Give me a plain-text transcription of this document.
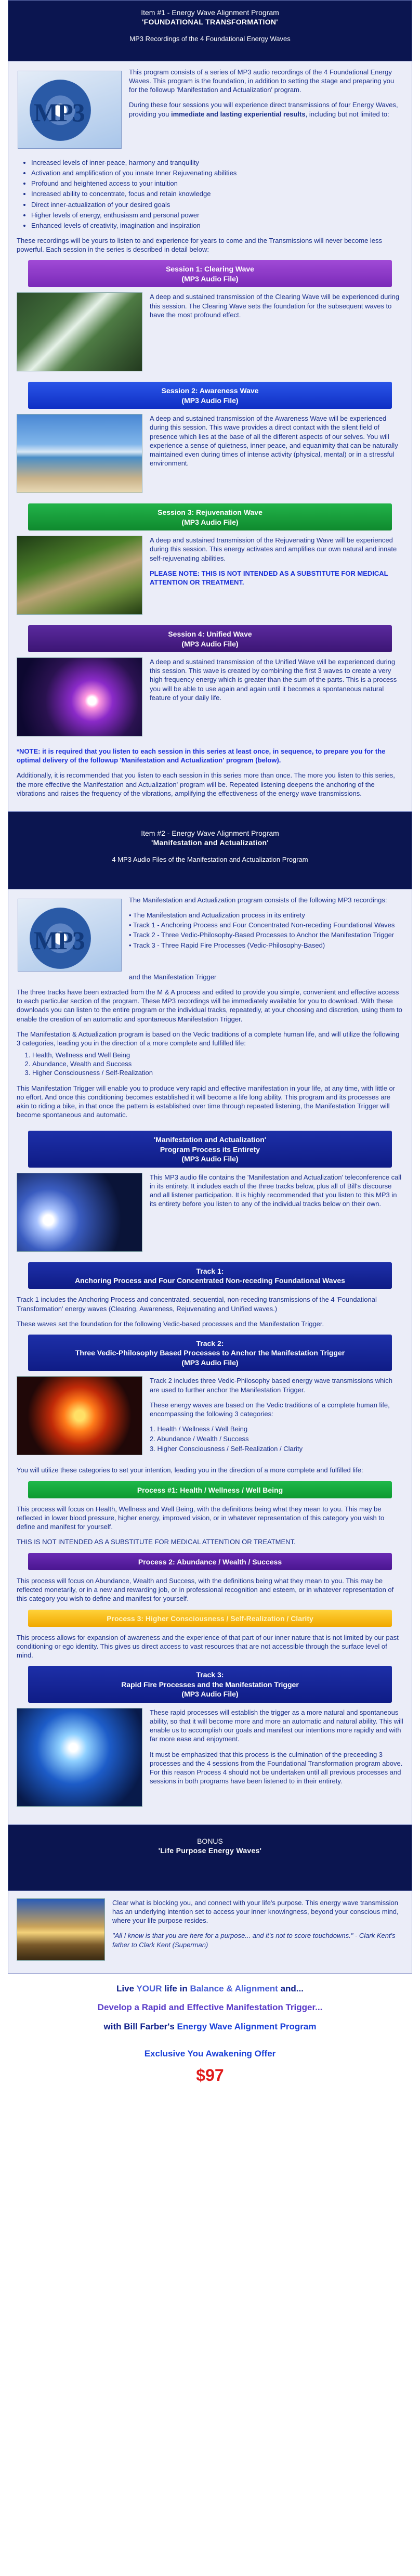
Item #1 - Energy Wave Alignment Program
'FOUNDATIONAL TRANSFORMATION'
MP3 Recordings of the 4 Foundational Energy Waves
MP3

This program consists of a series of MP3 audio recordings of the 4 Foundational Energy Waves. This program is the foundation, in addition to setting the stage and preparing you for the followup 'Manifestation and Actualization' program.

During these four sessions you will experience direct transmissions of four Energy Waves, providing you immediate and lasting experiential results, including but not limited to:

• Increased levels of inner-peace, harmony and tranquility
• Activation and amplification of you innate Inner Rejuvenating abilities
• Profound and heightened access to your intuition
• Increased ability to concentrate, focus and retain knowledge
• Direct inner-actualization of your desired goals
• Higher levels of energy, enthusiasm and personal power
• Enhanced levels of creativity, imagination and inspiration

These recordings will be yours to listen to and experience for years to come and the Transmissions will never become less powerful. Each session in the series is described in detail below:

Session 1: Clearing Wave
(MP3 Audio File)

A deep and sustained transmission of the Clearing Wave will be experienced during this session. The Clearing Wave sets the foundation for the subsequent waves to have the most profound effect.

Session 2: Awareness Wave
(MP3 Audio File)

A deep and sustained transmission of the Awareness Wave will be experienced during this session. This wave provides a direct contact with the silent field of presence which lies at the base of all the different aspects of our selves. You will experience a sense of quietness, inner peace, and equanimity that can be naturally maintained even during times of intense activity (physical, mental) or in a stressful environment.

Session 3: Rejuvenation Wave
(MP3 Audio File)

A deep and sustained transmission of the Rejuvenating Wave will be experienced during this session. This energy activates and amplifies our own natural and innate self-rejuvenating abilities.

PLEASE NOTE: THIS IS NOT INTENDED AS A SUBSTITUTE FOR MEDICAL ATTENTION OR TREATMENT.

Session 4: Unified Wave
(MP3 Audio File)

A deep and sustained transmission of the Unified Wave will be experienced during this session. This wave is created by combining the first 3 waves to create a very high frequency energy which is greater than the sum of the parts. This is a process you will be able to use again and again until it becomes a spontaneous natural feature of your daily life.

*NOTE: it is required that you listen to each session in this series at least once, in sequence, to prepare you for the optimal delivery of the followup 'Manifestation and Actualization' program (below).

Additionally, it is recommended that you listen to each session in this series more than once. The more you listen to this series, the more effective the Manifestation and Actualization' program will be. Repeated listening deepens the anchoring of the vibrations and raises the frequency of the vibrations, amplifying the effectiveness of the energy wave transmissions.

Item #2 - Energy Wave Alignment Program
'Manifestation and Actualization'
4 MP3 Audio Files of the Manifestation and Actualization Program
MP3

The Manifestation and Actualization program consists of the following MP3 recordings:

• The Manifestation and Actualization process in its entirety
• Track 1 - Anchoring Process and Four Concentrated Non-receding Foundational Waves
• Track 2 - Three Vedic-Philosophy-Based Processes to Anchor the Manifestation Trigger
• Track 3 - Three Rapid Fire Processes (Vedic-Philosophy-Based)

and the Manifestation Trigger

The three tracks have been extracted from the M & A process and edited to provide you simple, convenient and effective access to each particular section of the program. These MP3 recordings will be immediately available for you to download. With these downloads you can listen to the entire program or the individual tracks, repeatedly, at your choosing and discretion, using them to enable the creation of an automatic and spontaneous Manifestation Trigger.

The Manifestation & Actualization program is based on the Vedic traditions of a complete human life, and will utilize the following 3 categories, leading you in the direction of a more complete and fulfilled life:

1. Health, Wellness and Well Being
2. Abundance, Wealth and Success
3. Higher Consciousness / Self-Realization

This Manifestation Trigger will enable you to produce very rapid and effective manifestation in your life, at any time, with little or no effort. And once this conditioning becomes established it will become a life long ability. This program and its processes are akin to riding a bike, in that once the pattern is established over time through repeated listening, the Manifestation Trigger will become spontaneous and automatic.

'Manifestation and Actualization'
Program Process its Entirety
(MP3 Audio File)

This MP3 audio file contains the 'Manifestation and Actualization' teleconference call in its entirety. It includes each of the three tracks below, plus all of Bill's discourse and all listener participation. It is highly recommended that you listen to this MP3 in its entirety before you listen to any of the individual tracks below on their own.

Track 1:
Anchoring Process and Four Concentrated Non-receding Foundational Waves

Track 1 includes the Anchoring Process and concentrated, sequential, non-receding transmissions of the 4 'Foundational Transformation' energy waves (Clearing, Awareness, Rejuvenating and Unified waves.)

These waves set the foundation for the following Vedic-based processes and the Manifestation Trigger.

Track 2:
Three Vedic-Philosophy Based Processes to Anchor the Manifestation Trigger
(MP3 Audio File)

Track 2 includes three Vedic-Philosophy based energy wave transmissions which are used to further anchor the Manifestation Trigger.

These energy waves are based on the Vedic traditions of a complete human life, encompassing the following 3 categories:

1. Health / Wellness / Well Being
2. Abundance / Wealth / Success
3. Higher Consciousness / Self-Realization / Clarity

You will utilize these categories to set your intention, leading you in the direction of a more complete and fulfilled life:

Process #1: Health / Wellness / Well Being

This process will focus on Health, Wellness and Well Being, with the definitions being what they mean to you. This may be reflected in lower blood pressure, higher energy, improved vision, or in whatever representation of this category you wish to define and manifest for yourself.

THIS IS NOT INTENDED AS A SUBSTITUTE FOR MEDICAL ATTENTION OR TREATMENT.

Process 2: Abundance / Wealth / Success

This process will focus on Abundance, Wealth and Success, with the definitions being what they mean to you. This may be reflected monetarily, or in a new and rewarding job, or in professional recognition and esteem, or in whatever representation of this category you wish to define and manifest for yourself.

Process 3: Higher Consciousness / Self-Realization / Clarity

This process allows for expansion of awareness and the experience of that part of our inner nature that is not limited by our past conditioning or ego identity. This gives us direct access to vast resources that are not accessible through the surface level of mind.

Track 3:
Rapid Fire Processes and the Manifestation Trigger
(MP3 Audio File)

These rapid processes will establish the trigger as a more natural and spontaneous ability, so that it will become more and more an automatic and natural ability. This will enable us to accomplish our goals and manifest our intentions more rapidly and with far more ease and enjoyment.

It must be emphasized that this process is the culmination of the preceeding 3 processes and the 4 sessions from the Foundational Transformation program above. For this reason Process 4 should not be undertaken until all previous processes and sessions in both programs have been listened to in their entirety.

BONUS
'Life Purpose Energy Waves'

Clear what is blocking you, and connect with your life's purpose. This energy wave transmission has an underlying intention set to access your inner knowingness, beyond your conscious mind, where your life purpose resides.

"All I know is that you are here for a purpose... and it's not to score touchdowns." - Clark Kent's father to Clark Kent (Superman)

Live YOUR life in Balance & Alignment and...
Develop a Rapid and Effective Manifestation Trigger...
with Bill Farber's Energy Wave Alignment Program
Exclusive You Awakening Offer
$97
